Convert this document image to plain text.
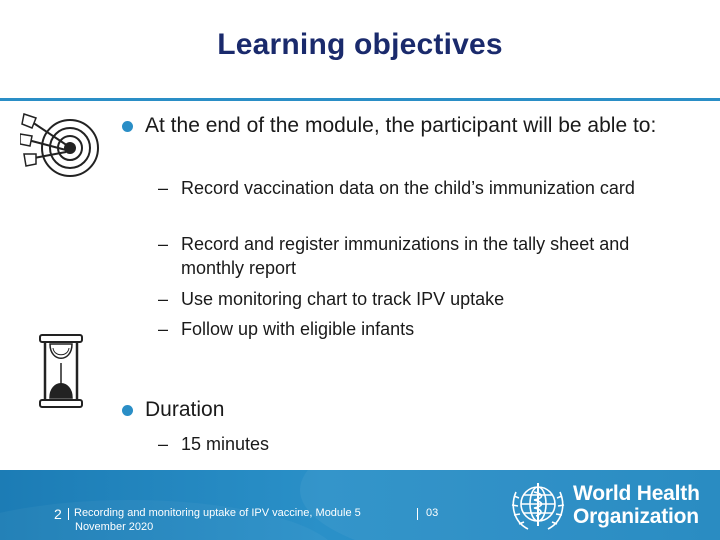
Learning objectives
At the end of the module, the participant will be able to:
– Record vaccination data on the child’s immunization card
– Record and register immunizations in the tally sheet and monthly report
– Use monitoring chart to track IPV uptake
– Follow up with eligible infants
Duration
– 15 minutes
2 Recording and monitoring uptake of IPV vaccine, Module 5	03
November 2020
World Health
Organization
